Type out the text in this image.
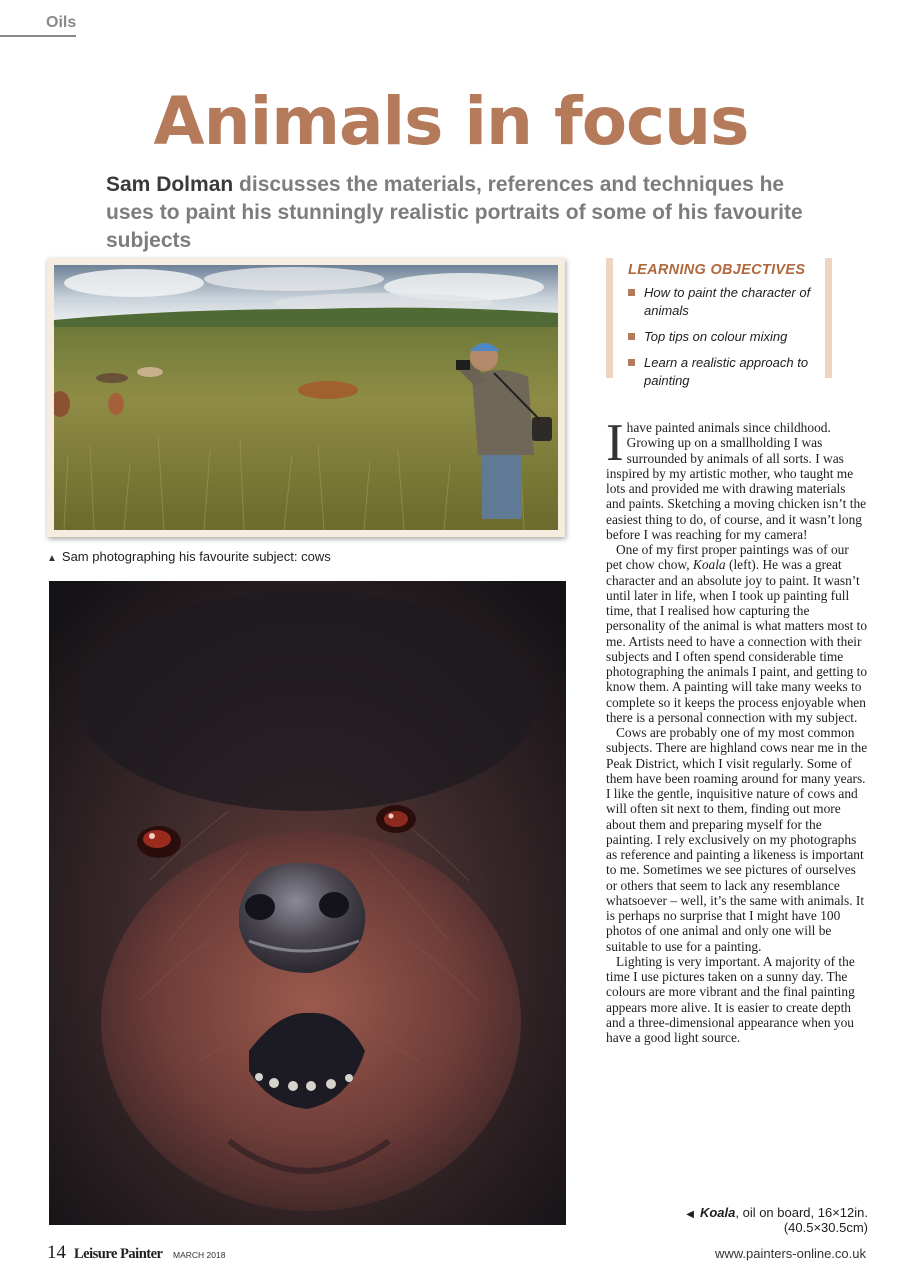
Oils
Animals in focus

Sam Dolman discusses the materials, references and techniques he uses to paint his stunningly realistic portraits of some of his favourite subjects

▲ Sam photographing his favourite subject: cows
LEARNING OBJECTIVES
How to paint the character of animals
Top tips on colour mixing
Learn a realistic approach to painting

Ihave painted animals since childhood. Growing up on a smallholding I was surrounded by animals of all sorts. I was inspired by my artistic mother, who taught me lots and provided me with drawing materials and paints. Sketching a moving chicken isn’t the easiest thing to do, of course, and it wasn’t long before I was reaching for my camera!

One of my first proper paintings was of our pet chow chow, Koala (left). He was a great character and an absolute joy to paint. It wasn’t until later in life, when I took up painting full time, that I realised how capturing the personality of the animal is what matters most to me. Artists need to have a connection with their subjects and I often spend considerable time photographing the animals I paint, and getting to know them. A painting will take many weeks to complete so it keeps the process enjoyable when there is a personal connection with my subject.

Cows are probably one of my most common subjects. There are highland cows near me in the Peak District, which I visit regularly. Some of them have been roaming around for many years. I like the gentle, inquisitive nature of cows and will often sit next to them, finding out more about them and preparing myself for the painting. I rely exclusively on my photographs as reference and painting a likeness is important to me. Sometimes we see pictures of ourselves or others that seem to lack any resemblance whatsoever – well, it’s the same with animals. It is perhaps no surprise that I might have 100 photos of one animal and only one will be suitable to use for a painting.

Lighting is very important. A majority of the time I use pictures taken on a sunny day. The colours are more vibrant and the final painting appears more alive. It is easier to create depth and a three-dimensional appearance when you have a good light source.

◀ Koala, oil on board, 16×12in. (40.5×30.5cm)
14 Leisure Painter MARCH 2018	www.painters-online.co.uk
